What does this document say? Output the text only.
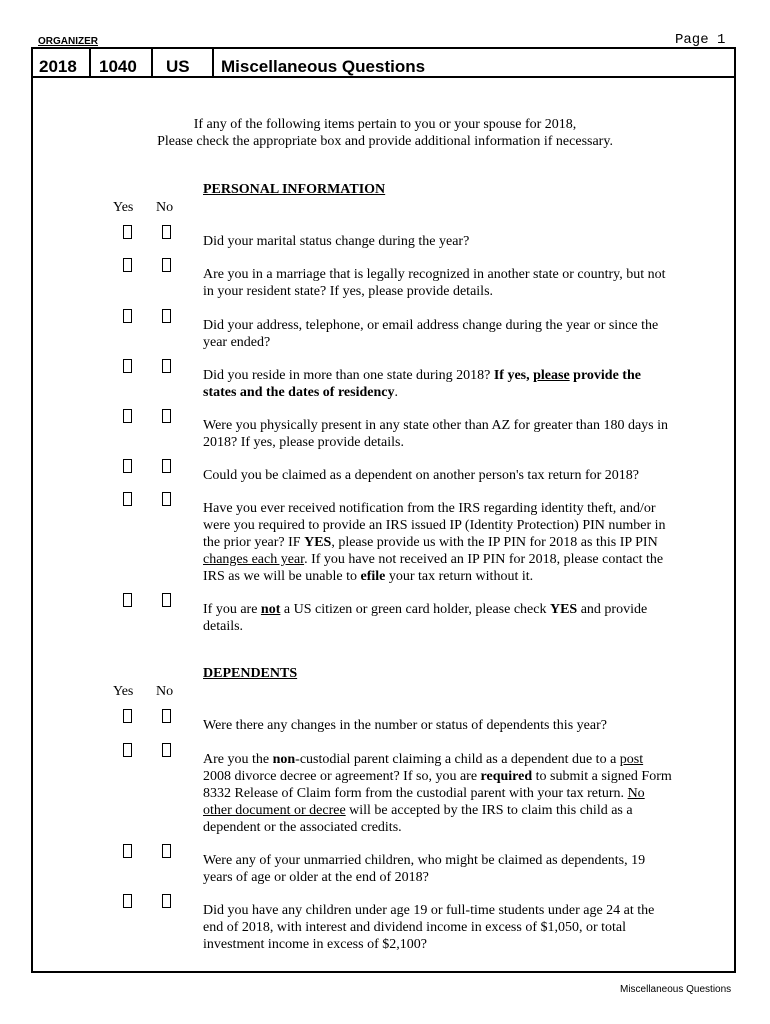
ORGANIZER	Page 1
2018 1040 US Miscellaneous Questions
If any of the following items pertain to you or your spouse for 2018,
Please check the appropriate box and provide additional information if necessary.
PERSONAL INFORMATION
Yes No
Did your marital status change during the year?
Are you in a marriage that is legally recognized in another state or country, but not in your resident state? If yes, please provide details.
Did your address, telephone, or email address change during the year or since the year ended?
Did you reside in more than one state during 2018? If yes, please provide the states and the dates of residency.
Were you physically present in any state other than AZ for greater than 180 days in 2018? If yes, please provide details.
Could you be claimed as a dependent on another person's tax return for 2018?
Have you ever received notification from the IRS regarding identity theft, and/or were you required to provide an IRS issued IP (Identity Protection) PIN number in the prior year? IF YES, please provide us with the IP PIN for 2018 as this IP PIN changes each year. If you have not received an IP PIN for 2018, please contact the IRS as we will be unable to efile your tax return without it.
If you are not a US citizen or green card holder, please check YES and provide details.
DEPENDENTS
Yes No
Were there any changes in the number or status of dependents this year?
Are you the non-custodial parent claiming a child as a dependent due to a post 2008 divorce decree or agreement? If so, you are required to submit a signed Form 8332 Release of Claim form from the custodial parent with your tax return. No other document or decree will be accepted by the IRS to claim this child as a dependent or the associated credits.
Were any of your unmarried children, who might be claimed as dependents, 19 years of age or older at the end of 2018?
Did you have any children under age 19 or full-time students under age 24 at the end of 2018, with interest and dividend income in excess of $1,050, or total investment income in excess of $2,100?
Miscellaneous Questions
